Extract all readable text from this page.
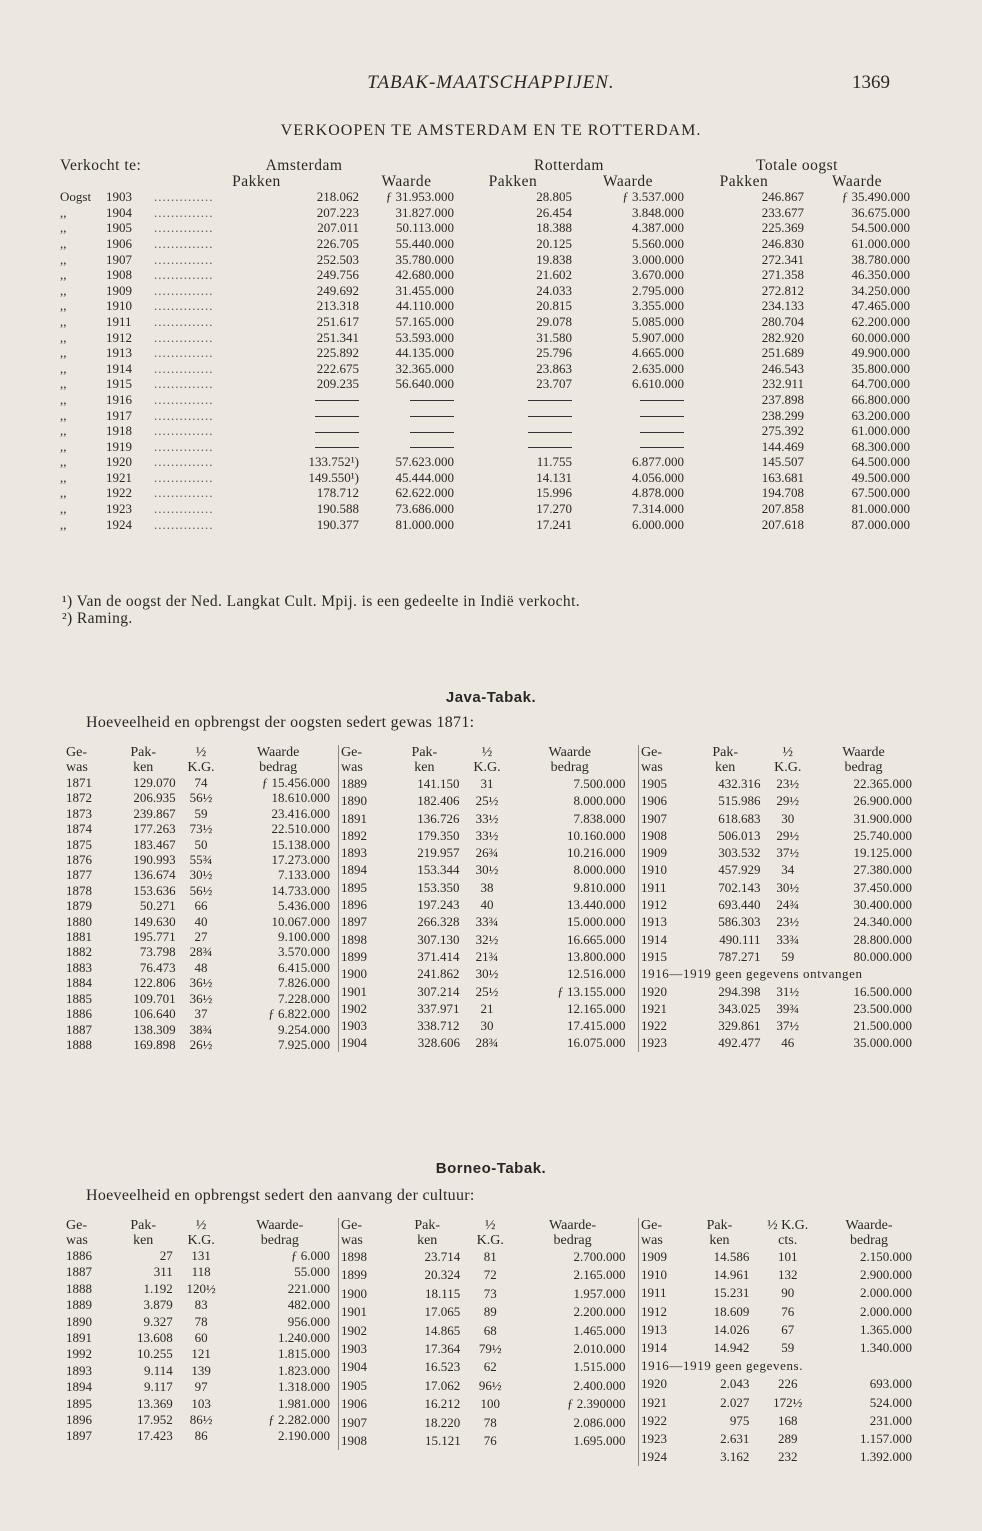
TABAK-MAATSCHAPPIJEN.	1369
VERKOOPEN TE AMSTERDAM EN TE ROTTERDAM.
Verkocht te:		Amsterdam			Rotterdam		Totale oogst	
		Pakken		Waarde	Pakken	Waarde	Pakken	Waarde
Oogst	1903	..............	218.062	ƒ 31.953.000	28.805	ƒ 3.537.000	246.867	ƒ 35.490.000
,,	1904	..............	207.223	31.827.000	26.454	3.848.000	233.677	36.675.000
,,	1905	..............	207.011	50.113.000	18.388	4.387.000	225.369	54.500.000
,,	1906	..............	226.705	55.440.000	20.125	5.560.000	246.830	61.000.000
,,	1907	..............	252.503	35.780.000	19.838	3.000.000	272.341	38.780.000
,,	1908	..............	249.756	42.680.000	21.602	3.670.000	271.358	46.350.000
,,	1909	..............	249.692	31.455.000	24.033	2.795.000	272.812	34.250.000
,,	1910	..............	213.318	44.110.000	20.815	3.355.000	234.133	47.465.000
,,	1911	..............	251.617	57.165.000	29.078	5.085.000	280.704	62.200.000
,,	1912	..............	251.341	53.593.000	31.580	5.907.000	282.920	60.000.000
,,	1913	..............	225.892	44.135.000	25.796	4.665.000	251.689	49.900.000
,,	1914	..............	222.675	32.365.000	23.863	2.635.000	246.543	35.800.000
,,	1915	..............	209.235	56.640.000	23.707	6.610.000	232.911	64.700.000
,,	1916	..............					237.898	66.800.000
,,	1917	..............					238.299	63.200.000
,,	1918	..............					275.392	61.000.000
,,	1919	..............					144.469	68.300.000
,,	1920	..............	133.752¹)	57.623.000	11.755	6.877.000	145.507	64.500.000
,,	1921	..............	149.550¹)	45.444.000	14.131	4.056.000	163.681	49.500.000
,,	1922	..............	178.712	62.622.000	15.996	4.878.000	194.708	67.500.000
,,	1923	..............	190.588	73.686.000	17.270	7.314.000	207.858	81.000.000
,,	1924	..............	190.377	81.000.000	17.241	6.000.000	207.618	87.000.000
¹) Van de oogst der Ned. Langkat Cult. Mpij. is een gedeelte in Indië verkocht.
²) Raming.
Java-Tabak.
Hoeveelheid en opbrengst der oogsten sedert gewas 1871:
Ge-	Pak-	½	Waarde
was	ken	K.G.	bedrag
1871	129.070	74	ƒ 15.456.000
1872	206.935	56½	18.610.000
1873	239.867	59	23.416.000
1874	177.263	73½	22.510.000
1875	183.467	50	15.138.000
1876	190.993	55¾	17.273.000
1877	136.674	30½	7.133.000
1878	153.636	56½	14.733.000
1879	50.271	66	5.436.000
1880	149.630	40	10.067.000
1881	195.771	27	9.100.000
1882	73.798	28¾	3.570.000
1883	76.473	48	6.415.000
1884	122.806	36½	7.826.000
1885	109.701	36½	7.228.000
1886	106.640	37	ƒ 6.822.000
1887	138.309	38¾	9.254.000
1888	169.898	26½	7.925.000
Ge-	Pak-	½	Waarde
was	ken	K.G.	bedrag
1889	141.150	31	7.500.000
1890	182.406	25½	8.000.000
1891	136.726	33½	7.838.000
1892	179.350	33½	10.160.000
1893	219.957	26¾	10.216.000
1894	153.344	30½	8.000.000
1895	153.350	38	9.810.000
1896	197.243	40	13.440.000
1897	266.328	33¾	15.000.000
1898	307.130	32½	16.665.000
1899	371.414	21¾	13.800.000
1900	241.862	30½	12.516.000
1901	307.214	25½	ƒ 13.155.000
1902	337.971	21	12.165.000
1903	338.712	30	17.415.000
1904	328.606	28¾	16.075.000
Ge-	Pak-	½	Waarde
was	ken	K.G.	bedrag
1905	432.316	23½	22.365.000
1906	515.986	29½	26.900.000
1907	618.683	30	31.900.000
1908	506.013	29½	25.740.000
1909	303.532	37½	19.125.000
1910	457.929	34	27.380.000
1911	702.143	30½	37.450.000
1912	693.440	24¾	30.400.000
1913	586.303	23½	24.340.000
1914	490.111	33¾	28.800.000
1915	787.271	59	80.000.000
1916—1919 geen gegevens ontvangen			
1920	294.398	31½	16.500.000
1921	343.025	39¾	23.500.000
1922	329.861	37½	21.500.000
1923	492.477	46	35.000.000
Borneo-Tabak.
Hoeveelheid en opbrengst sedert den aanvang der cultuur:
Ge-	Pak-	½	Waarde-
was	ken	K.G.	bedrag
1886	27	131	ƒ 6.000
1887	311	118	55.000
1888	1.192	120½	221.000
1889	3.879	83	482.000
1890	9.327	78	956.000
1891	13.608	60	1.240.000
1992	10.255	121	1.815.000
1893	9.114	139	1.823.000
1894	9.117	97	1.318.000
1895	13.369	103	1.981.000
1896	17.952	86½	ƒ 2.282.000
1897	17.423	86	2.190.000
Ge-	Pak-	½	Waarde-
was	ken	K.G.	bedrag
1898	23.714	81	2.700.000
1899	20.324	72	2.165.000
1900	18.115	73	1.957.000
1901	17.065	89	2.200.000
1902	14.865	68	1.465.000
1903	17.364	79½	2.010.000
1904	16.523	62	1.515.000
1905	17.062	96½	2.400.000
1906	16.212	100	ƒ 2.390000
1907	18.220	78	2.086.000
1908	15.121	76	1.695.000
Ge-	Pak-	½ K.G.	Waarde-
was	ken	cts.	bedrag
1909	14.586	101	2.150.000
1910	14.961	132	2.900.000
1911	15.231	90	2.000.000
1912	18.609	76	2.000.000
1913	14.026	67	1.365.000
1914	14.942	59	1.340.000
1916—1919 geen gegevens.			
1920	2.043	226	693.000
1921	2.027	172½	524.000
1922	975	168	231.000
1923	2.631	289	1.157.000
1924	3.162	232	1.392.000
